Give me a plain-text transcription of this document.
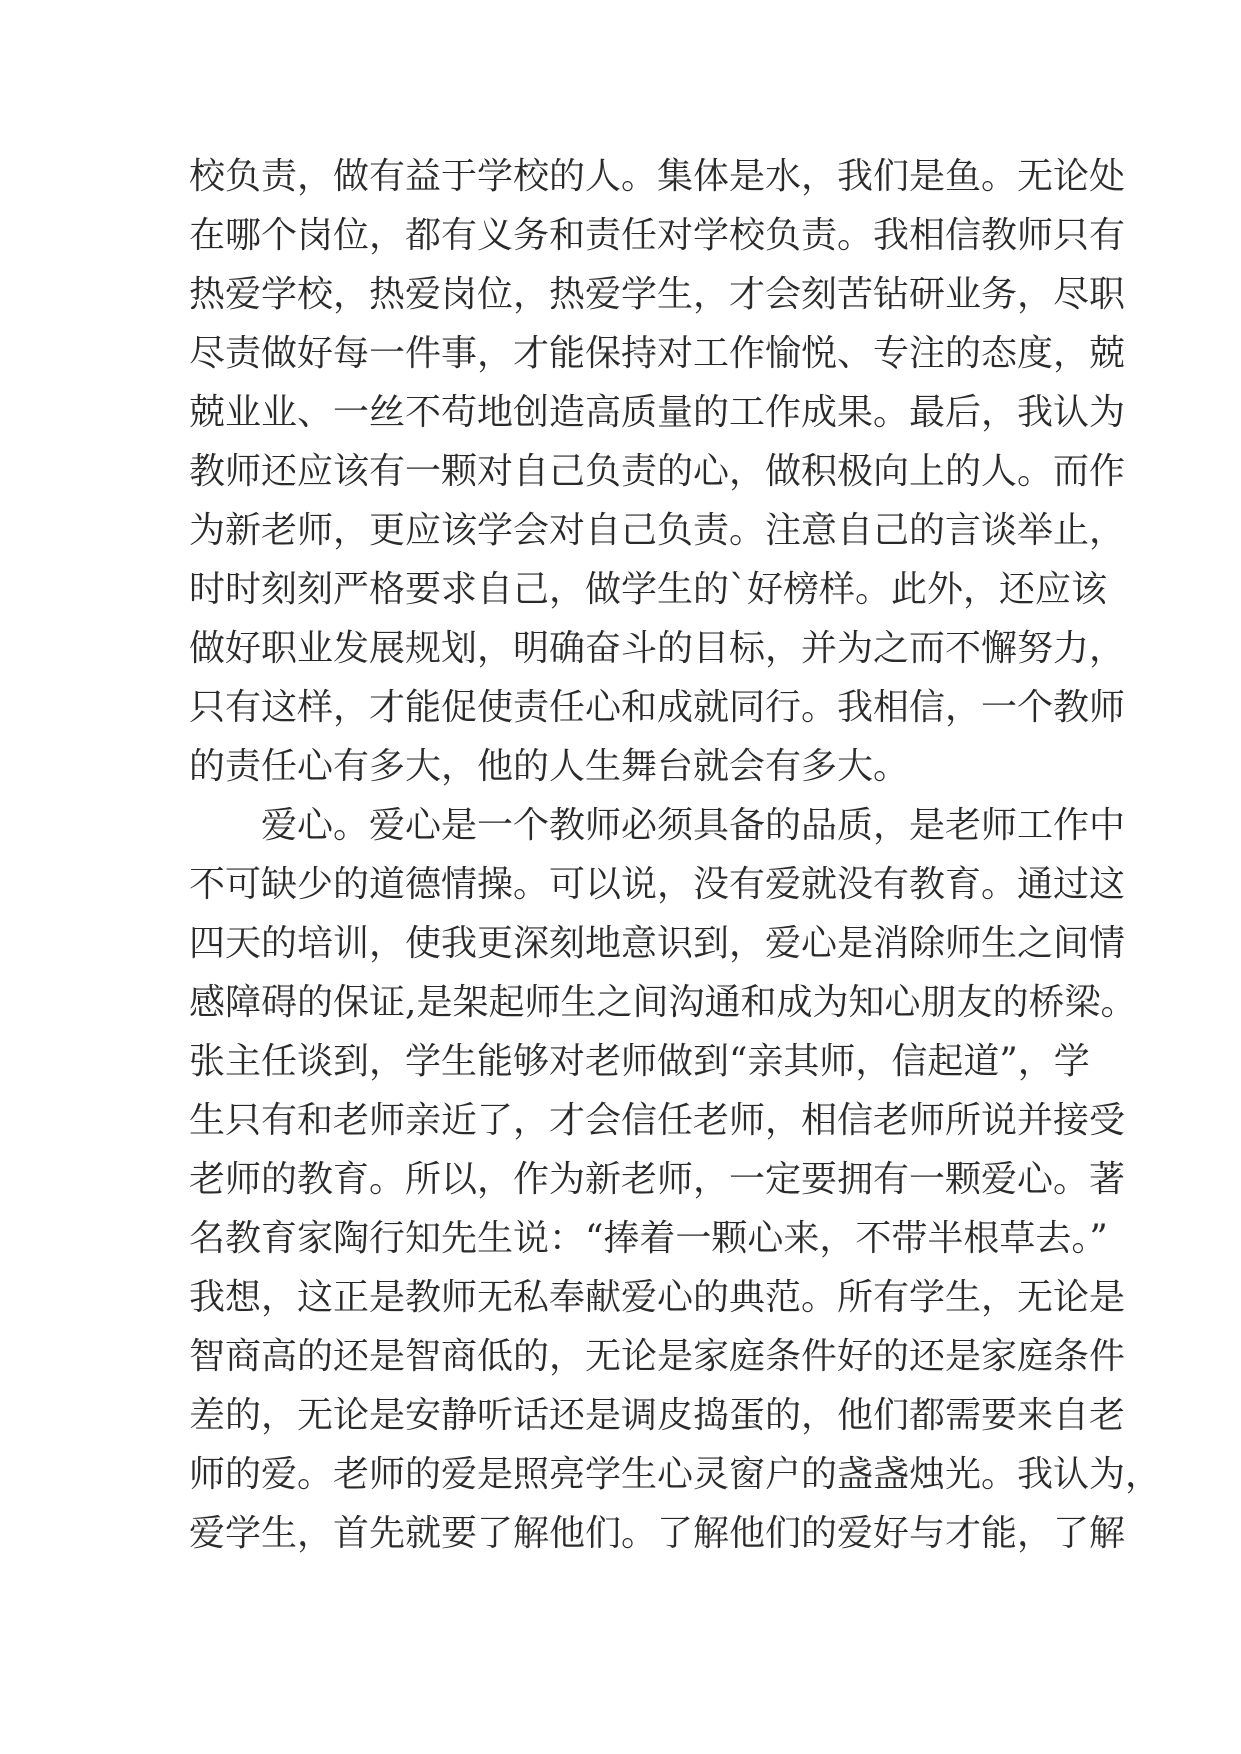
校负责，做有益于学校的人。集体是水，我们是鱼。无论处
在哪个岗位，都有义务和责任对学校负责。我相信教师只有
热爱学校，热爱岗位，热爱学生，才会刻苦钻研业务，尽职
尽责做好每一件事，才能保持对工作愉悦、专注的态度，兢
兢业业、一丝不苟地创造高质量的工作成果。最后，我认为
教师还应该有一颗对自己负责的心，做积极向上的人。而作
为新老师，更应该学会对自己负责。注意自己的言谈举止，
时时刻刻严格要求自己，做学生的`好榜样。此外，还应该
做好职业发展规划，明确奋斗的目标，并为之而不懈努力，
只有这样，才能促使责任心和成就同行。我相信，一个教师
的责任心有多大，他的人生舞台就会有多大。
爱心。爱心是一个教师必须具备的品质，是老师工作中
不可缺少的道德情操。可以说，没有爱就没有教育。通过这
四天的培训，使我更深刻地意识到，爱心是消除师生之间情
感障碍的保证,是架起师生之间沟通和成为知心朋友的桥梁。
张主任谈到，学生能够对老师做到“亲其师，信起道”，学
生只有和老师亲近了，才会信任老师，相信老师所说并接受
老师的教育。所以，作为新老师，一定要拥有一颗爱心。著
名教育家陶行知先生说：“捧着一颗心来，不带半根草去。”
我想，这正是教师无私奉献爱心的典范。所有学生，无论是
智商高的还是智商低的，无论是家庭条件好的还是家庭条件
差的，无论是安静听话还是调皮捣蛋的，他们都需要来自老
师的爱。老师的爱是照亮学生心灵窗户的盏盏烛光。我认为，
爱学生，首先就要了解他们。了解他们的爱好与才能，了解
